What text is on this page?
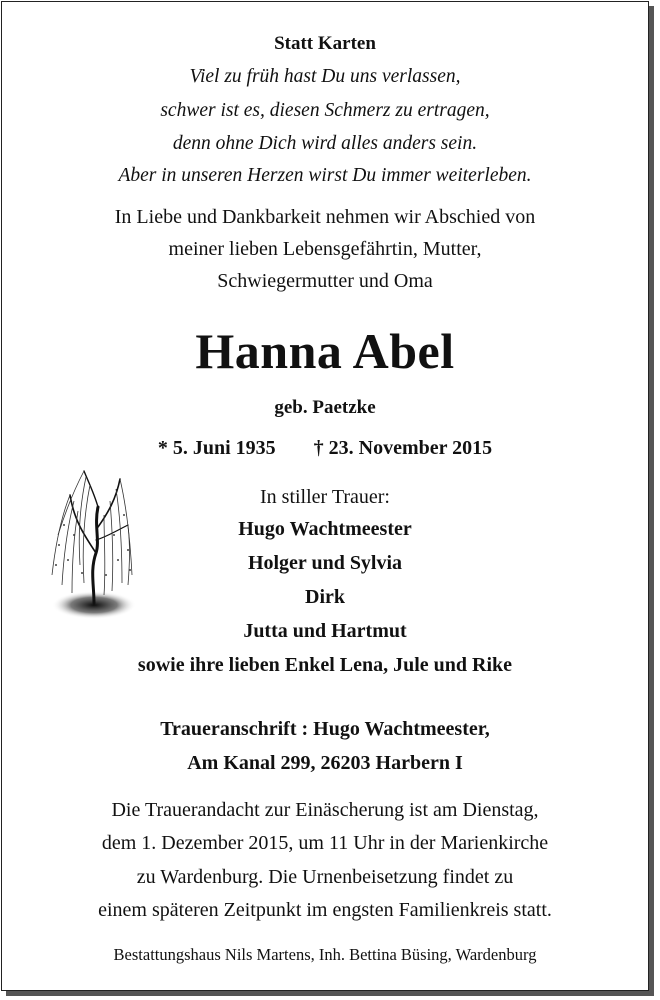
Statt Karten
Viel zu früh hast Du uns verlassen,
schwer ist es, diesen Schmerz zu ertragen,
denn ohne Dich wird alles anders sein.
Aber in unseren Herzen wirst Du immer weiterleben.
In Liebe und Dankbarkeit nehmen wir Abschied von
meiner lieben Lebensgefährtin, Mutter,
Schwiegermutter und Oma
Hanna Abel
geb. Paetzke
* 5. Juni 1935 † 23. November 2015
In stiller Trauer:
Hugo Wachtmeester
Holger und Sylvia
Dirk
Jutta und Hartmut
sowie ihre lieben Enkel Lena, Jule und Rike
Traueranschrift : Hugo Wachtmeester,
Am Kanal 299, 26203 Harbern I
Die Trauerandacht zur Einäscherung ist am Dienstag,
dem 1. Dezember 2015, um 11 Uhr in der Marienkirche
zu Wardenburg. Die Urnenbeisetzung findet zu
einem späteren Zeitpunkt im engsten Familienkreis statt.
Bestattungshaus Nils Martens, Inh. Bettina Büsing, Wardenburg
